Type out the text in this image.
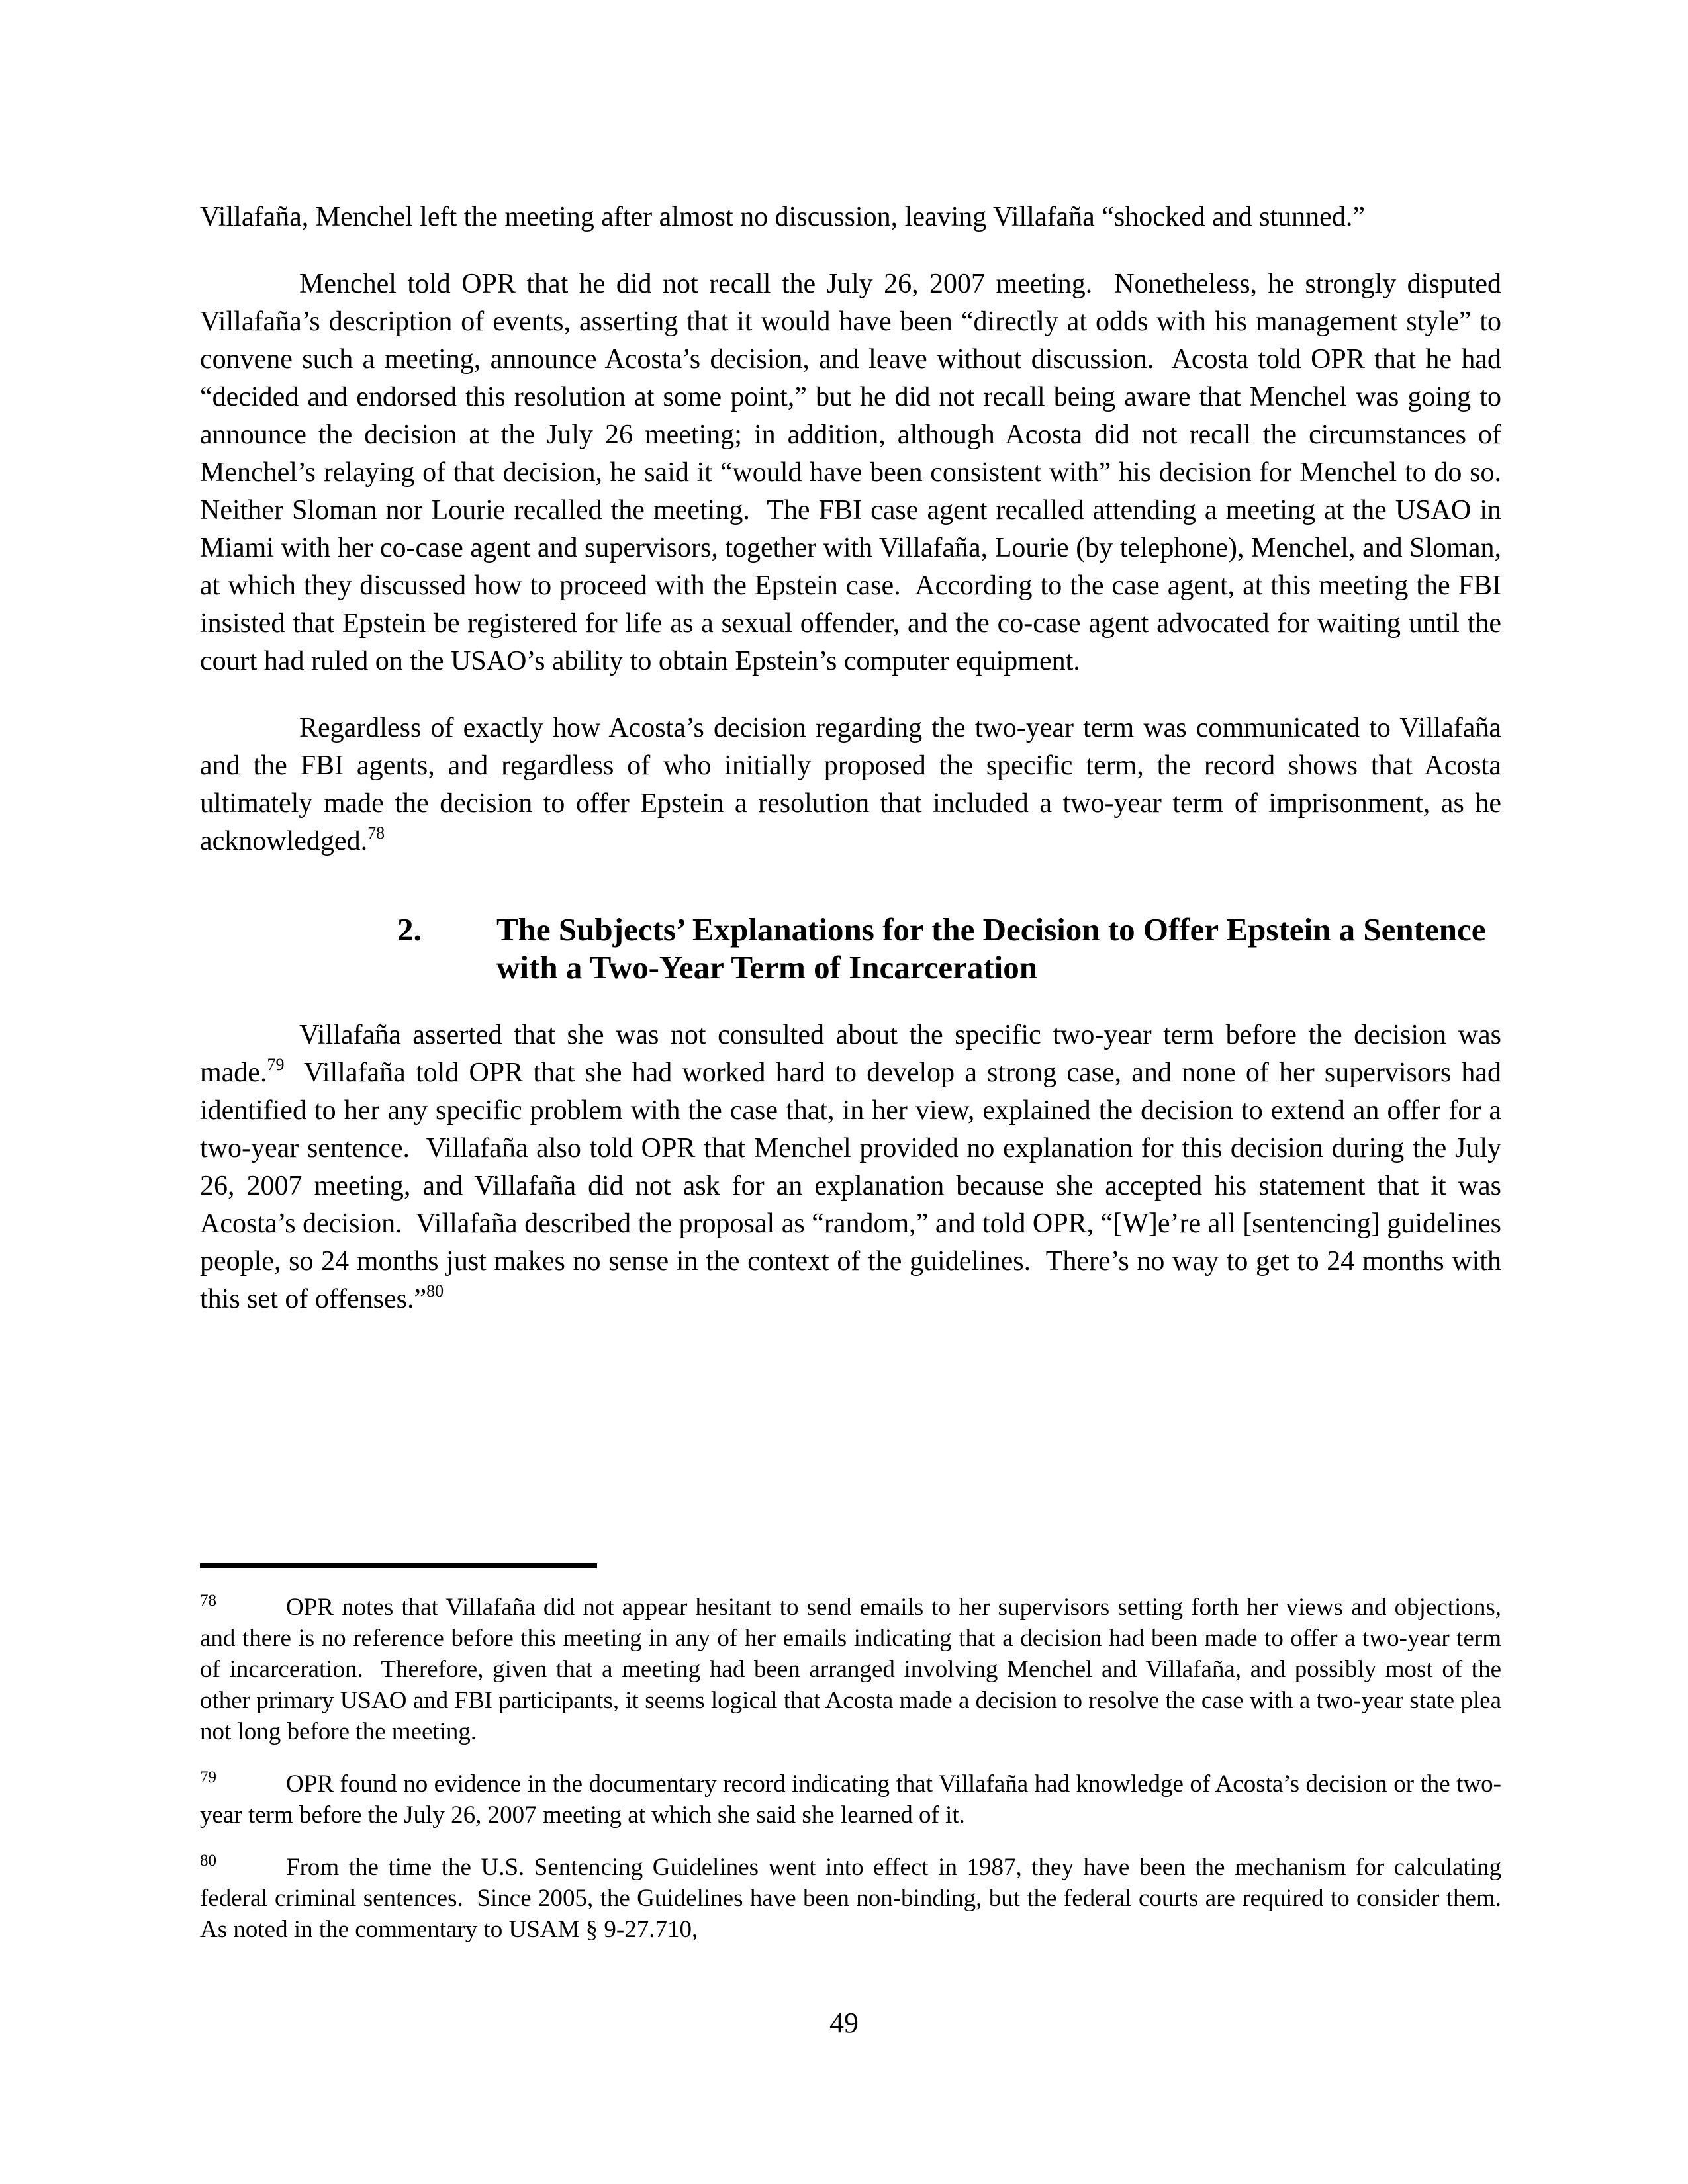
Villafaña, Menchel left the meeting after almost no discussion, leaving Villafaña “shocked and stunned.”

Menchel told OPR that he did not recall the July 26, 2007 meeting.  Nonetheless, he strongly disputed Villafaña’s description of events, asserting that it would have been “directly at odds with his management style” to convene such a meeting, announce Acosta’s decision, and leave without discussion.  Acosta told OPR that he had “decided and endorsed this resolution at some point,” but he did not recall being aware that Menchel was going to announce the decision at the July 26 meeting; in addition, although Acosta did not recall the circumstances of Menchel’s relaying of that decision, he said it “would have been consistent with” his decision for Menchel to do so.  Neither Sloman nor Lourie recalled the meeting.  The FBI case agent recalled attending a meeting at the USAO in Miami with her co-case agent and supervisors, together with Villafaña, Lourie (by telephone), Menchel, and Sloman, at which they discussed how to proceed with the Epstein case.  According to the case agent, at this meeting the FBI insisted that Epstein be registered for life as a sexual offender, and the co-case agent advocated for waiting until the court had ruled on the USAO’s ability to obtain Epstein’s computer equipment.

Regardless of exactly how Acosta’s decision regarding the two-year term was communicated to Villafaña and the FBI agents, and regardless of who initially proposed the specific term, the record shows that Acosta ultimately made the decision to offer Epstein a resolution that included a two-year term of imprisonment, as he acknowledged.$^{78}$

2.	The Subjects’ Explanations for the Decision to Offer Epstein a Sentence
with a Two-Year Term of Incarceration

Villafaña asserted that she was not consulted about the specific two-year term before the decision was made.$^{79}$  Villafaña told OPR that she had worked hard to develop a strong case, and none of her supervisors had identified to her any specific problem with the case that, in her view, explained the decision to extend an offer for a two-year sentence.  Villafaña also told OPR that Menchel provided no explanation for this decision during the July 26, 2007 meeting, and Villafaña did not ask for an explanation because she accepted his statement that it was Acosta’s decision.  Villafaña described the proposal as “random,” and told OPR, “[W]e’re all [sentencing] guidelines people, so 24 months just makes no sense in the context of the guidelines.  There’s no way to get to 24 months with this set of offenses.”$^{80}$

$^{78}$	OPR notes that Villafaña did not appear hesitant to send emails to her supervisors setting forth her views and objections, and there is no reference before this meeting in any of her emails indicating that a decision had been made to offer a two-year term of incarceration.  Therefore, given that a meeting had been arranged involving Menchel and Villafaña, and possibly most of the other primary USAO and FBI participants, it seems logical that Acosta made a decision to resolve the case with a two-year state plea not long before the meeting.

$^{79}$	OPR found no evidence in the documentary record indicating that Villafaña had knowledge of Acosta’s decision or the two-year term before the July 26, 2007 meeting at which she said she learned of it.

$^{80}$	From the time the U.S. Sentencing Guidelines went into effect in 1987, they have been the mechanism for calculating federal criminal sentences.  Since 2005, the Guidelines have been non-binding, but the federal courts are required to consider them.  As noted in the commentary to USAM § 9-27.710,

49
